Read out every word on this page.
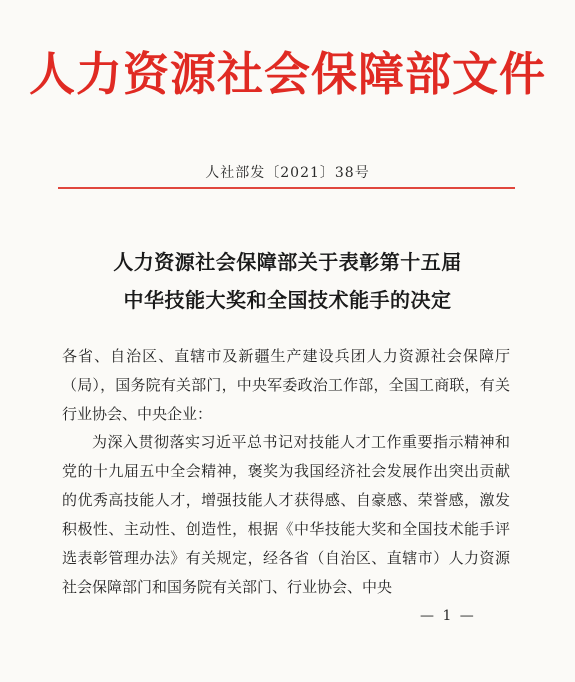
人力资源社会保障部文件
人社部发〔2021〕38号
人力资源社会保障部关于表彰第十五届
中华技能大奖和全国技术能手的决定
各省、自治区、直辖市及新疆生产建设兵团人力资源社会保障厅（局），国务院有关部门，中央军委政治工作部，全国工商联，有关行业协会、中央企业：
为深入贯彻落实习近平总书记对技能人才工作重要指示精神和党的十九届五中全会精神，褒奖为我国经济社会发展作出突出贡献的优秀高技能人才，增强技能人才获得感、自豪感、荣誉感，激发积极性、主动性、创造性，根据《中华技能大奖和全国技术能手评选表彰管理办法》有关规定，经各省（自治区、直辖市）人力资源社会保障部门和国务院有关部门、行业协会、中央
— 1 —
